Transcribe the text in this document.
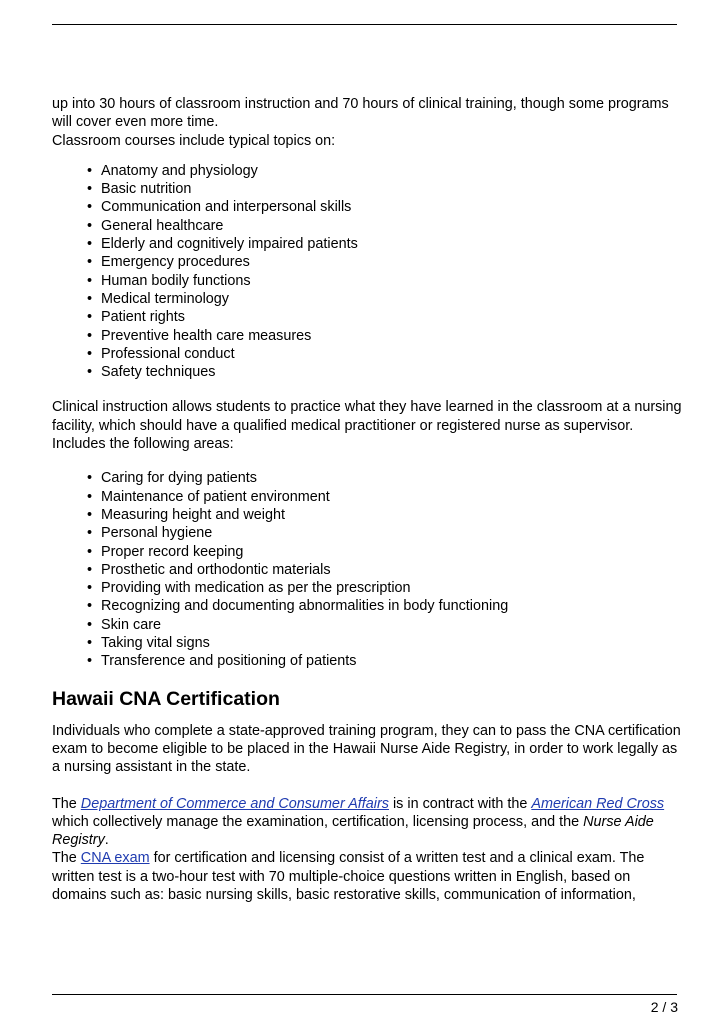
up into 30 hours of classroom instruction and 70 hours of clinical training, though some programs will cover even more time.
Classroom courses include typical topics on:

• Anatomy and physiology
• Basic nutrition
• Communication and interpersonal skills
• General healthcare
• Elderly and cognitively impaired patients
• Emergency procedures
• Human bodily functions
• Medical terminology
• Patient rights
• Preventive health care measures
• Professional conduct
• Safety techniques

Clinical instruction allows students to practice what they have learned in the classroom at a nursing facility, which should have a qualified medical practitioner or registered nurse as supervisor. Includes the following areas:

• Caring for dying patients
• Maintenance of patient environment
• Measuring height and weight
• Personal hygiene
• Proper record keeping
• Prosthetic and orthodontic materials
• Providing with medication as per the prescription
• Recognizing and documenting abnormalities in body functioning
• Skin care
• Taking vital signs
• Transference and positioning of patients
Hawaii CNA Certification

Individuals who complete a state-approved training program, they can to pass the CNA certification exam to become eligible to be placed in the Hawaii Nurse Aide Registry, in order to work legally as a nursing assistant in the state.

The Department of Commerce and Consumer Affairs is in contract with the American Red Cross which collectively manage the examination, certification, licensing process, and the Nurse Aide Registry.

The CNA exam for certification and licensing consist of a written test and a clinical exam. The written test is a two-hour test with 70 multiple-choice questions written in English, based on domains such as: basic nursing skills, basic restorative skills, communication of information,

2 / 3
